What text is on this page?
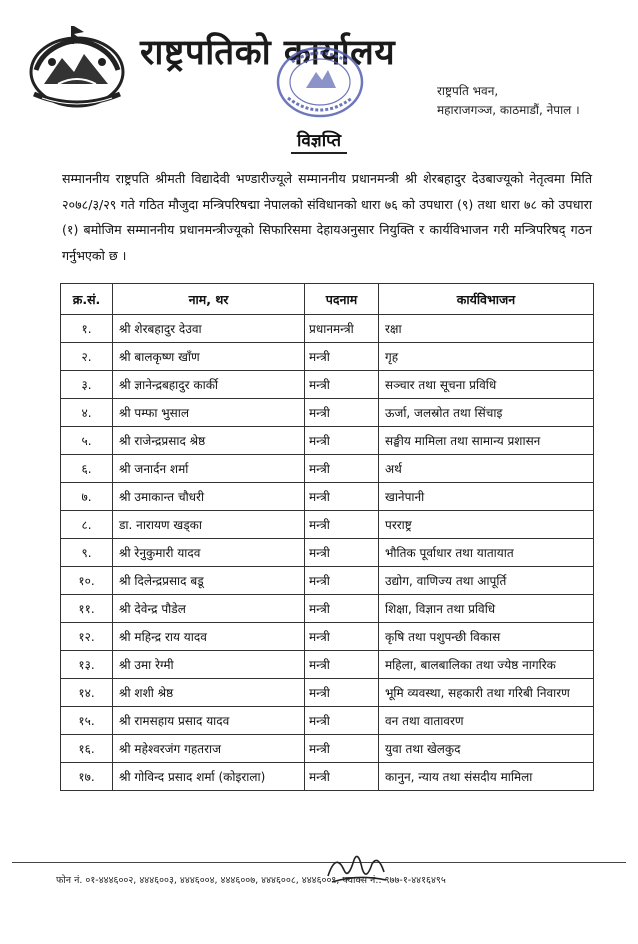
राष्ट्रपतिको कार्यालय
राष्ट्रपति भवन,
महाराजगञ्ज, काठमाडौं, नेपाल ।
विज्ञप्ति
सम्माननीय राष्ट्रपति श्रीमती विद्यादेवी भण्डारीज्यूले सम्माननीय प्रधानमन्त्री श्री शेरबहादुर देउबाज्यूको नेतृत्वमा मिति २०७८/३/२९ गते गठित मौजुदा मन्त्रिपरिषद्मा नेपालको संविधानको धारा ७६ को उपधारा (९) तथा धारा ७८ को उपधारा (१) बमोजिम सम्माननीय प्रधानमन्त्रीज्यूको सिफारिसमा देहायअनुसार नियुक्ति र कार्यविभाजन गरी मन्त्रिपरिषद् गठन गर्नुभएको छ ।
क्र.सं.	नाम, थर	पदनाम	कार्यविभाजन
१.	श्री शेरबहादुर देउवा	प्रधानमन्त्री	रक्षा
२.	श्री बालकृष्ण खाँण	मन्त्री	गृह
३.	श्री ज्ञानेन्द्रबहादुर कार्की	मन्त्री	सञ्चार तथा सूचना प्रविधि
४.	श्री पम्फा भुसाल	मन्त्री	ऊर्जा, जलस्रोत तथा सिंचाइ
५.	श्री राजेन्द्रप्रसाद श्रेष्ठ	मन्त्री	सङ्घीय मामिला तथा सामान्य प्रशासन
६.	श्री जनार्दन शर्मा	मन्त्री	अर्थ
७.	श्री उमाकान्त चौधरी	मन्त्री	खानेपानी
८.	डा. नारायण खड्का	मन्त्री	परराष्ट्र
९.	श्री रेनुकुमारी यादव	मन्त्री	भौतिक पूर्वाधार तथा यातायात
१०.	श्री दिलेन्द्रप्रसाद बडू	मन्त्री	उद्योग, वाणिज्य तथा आपूर्ति
११.	श्री देवेन्द्र पौडेल	मन्त्री	शिक्षा, विज्ञान तथा प्रविधि
१२.	श्री महिन्द्र राय यादव	मन्त्री	कृषि तथा पशुपन्छी विकास
१३.	श्री उमा रेग्मी	मन्त्री	महिला, बालबालिका तथा ज्येष्ठ नागरिक
१४.	श्री शशी श्रेष्ठ	मन्त्री	भूमि व्यवस्था, सहकारी तथा गरिबी निवारण
१५.	श्री रामसहाय प्रसाद यादव	मन्त्री	वन तथा वातावरण
१६.	श्री महेश्वरजंग गहतराज	मन्त्री	युवा तथा खेलकुद
१७.	श्री गोविन्द प्रसाद शर्मा (कोइराला)	मन्त्री	कानुन, न्याय तथा संसदीय मामिला
फोन नं. ०१-४४४६००२, ४४४६००३, ४४४६००४, ४४४६००७, ४४४६००८, ४४४६००९, फ्याक्स नं.: ९७७-१-४४१६४९५
